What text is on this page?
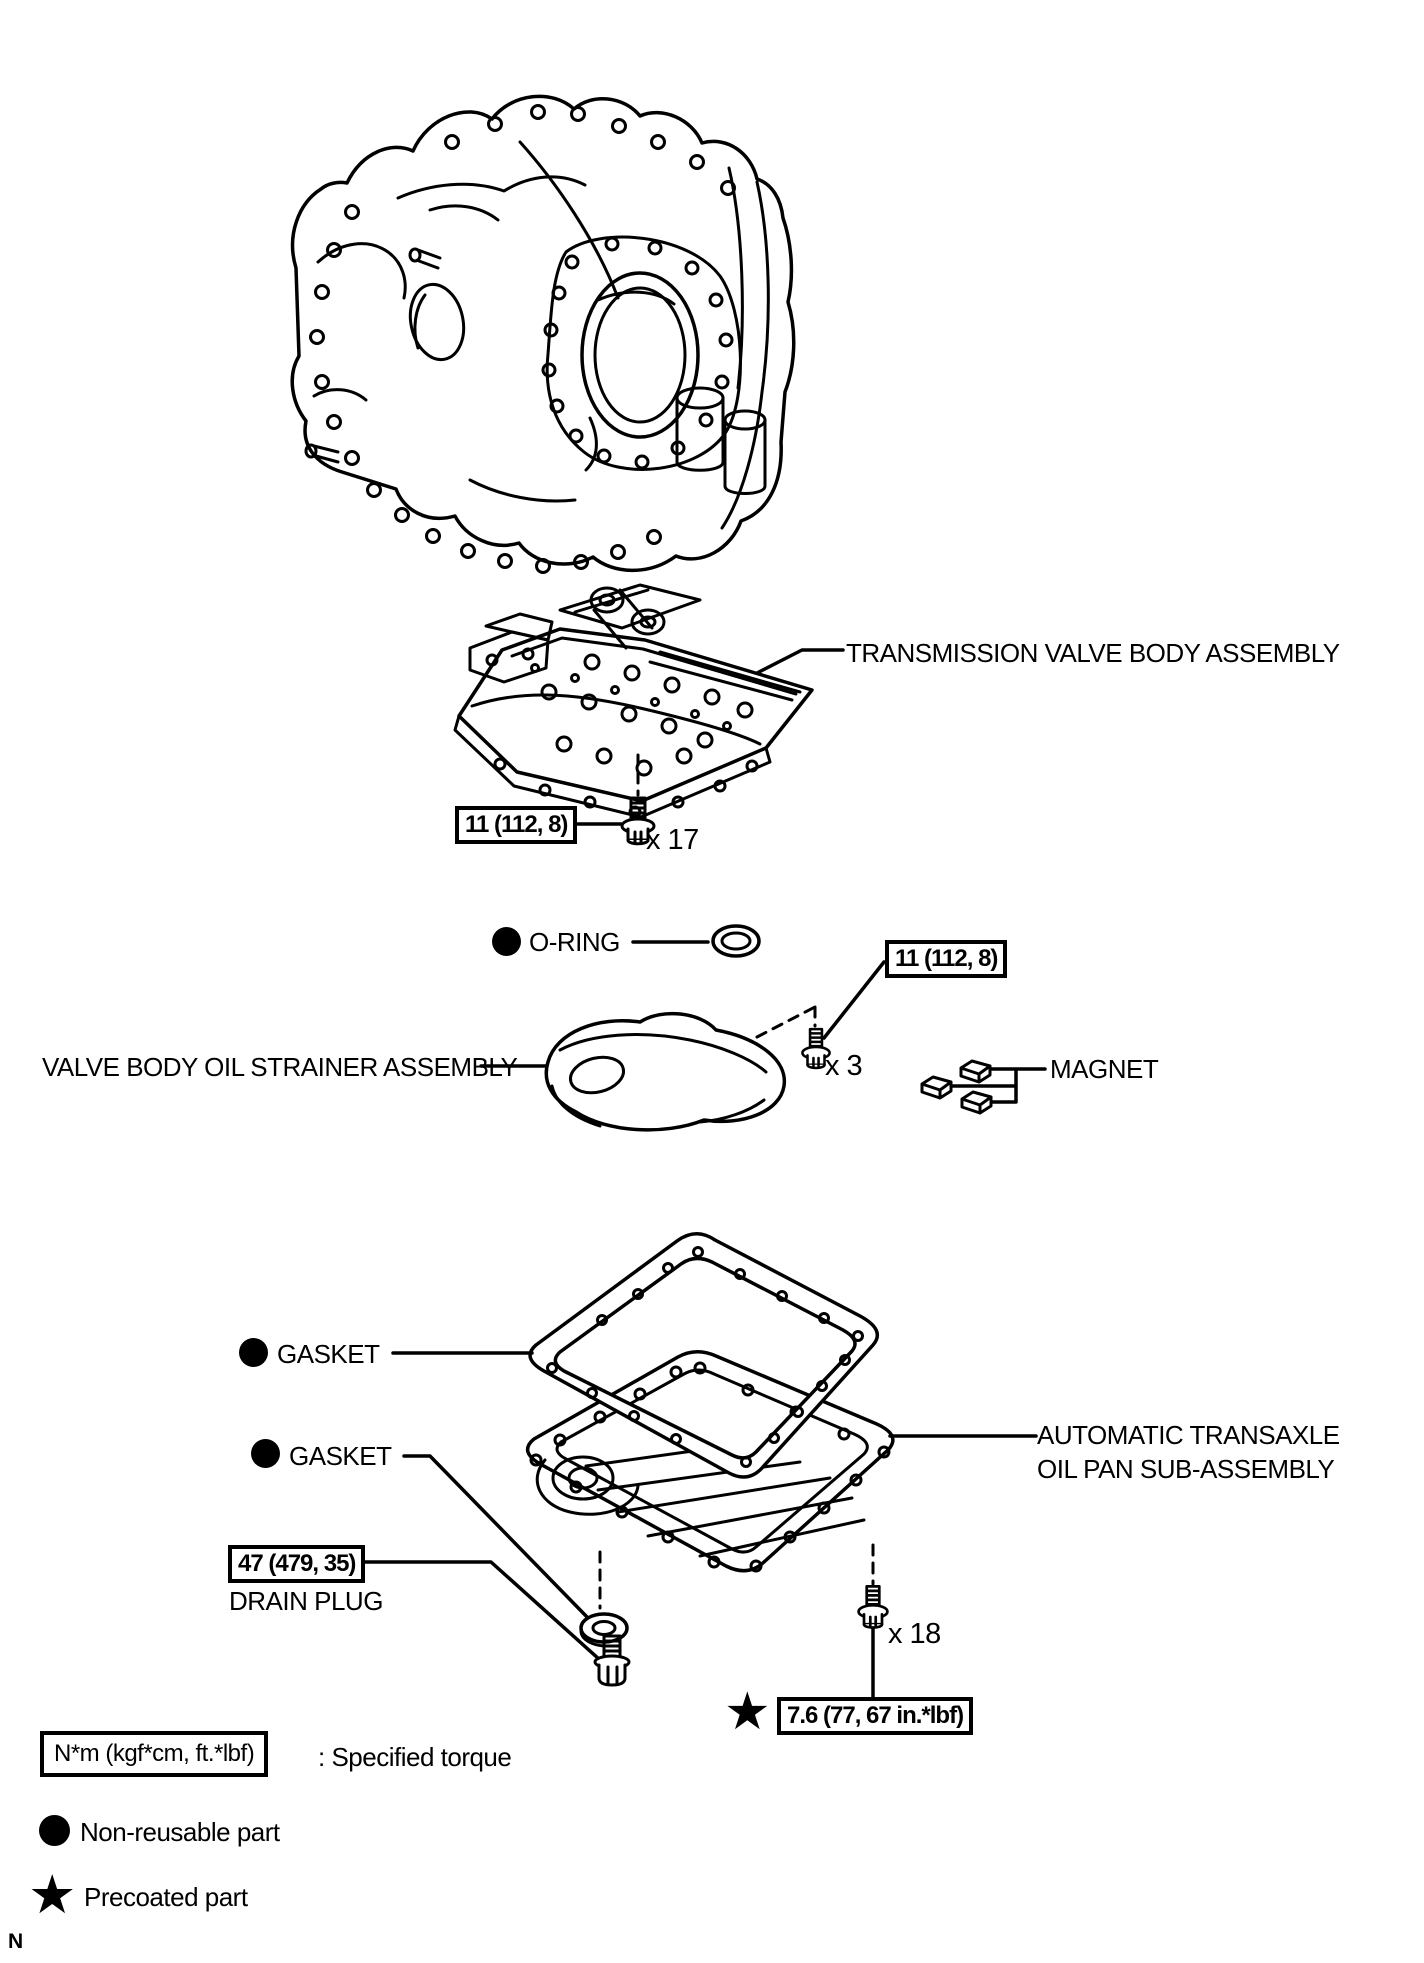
TRANSMISSION VALVE BODY ASSEMBLY
11 (112, 8)	x 17
O-RING
11 (112, 8)
x 3
VALVE BODY OIL STRAINER ASSEMBLY	MAGNET
GASKET
GASKET
AUTOMATIC TRANSAXLE
OIL PAN SUB-ASSEMBLY
47 (479, 35)
DRAIN PLUG
x 18
★ 7.6 (77, 67 in.*lbf)
N*m (kgf*cm, ft.*lbf)	: Specified torque
Non-reusable part
★ Precoated part
N
